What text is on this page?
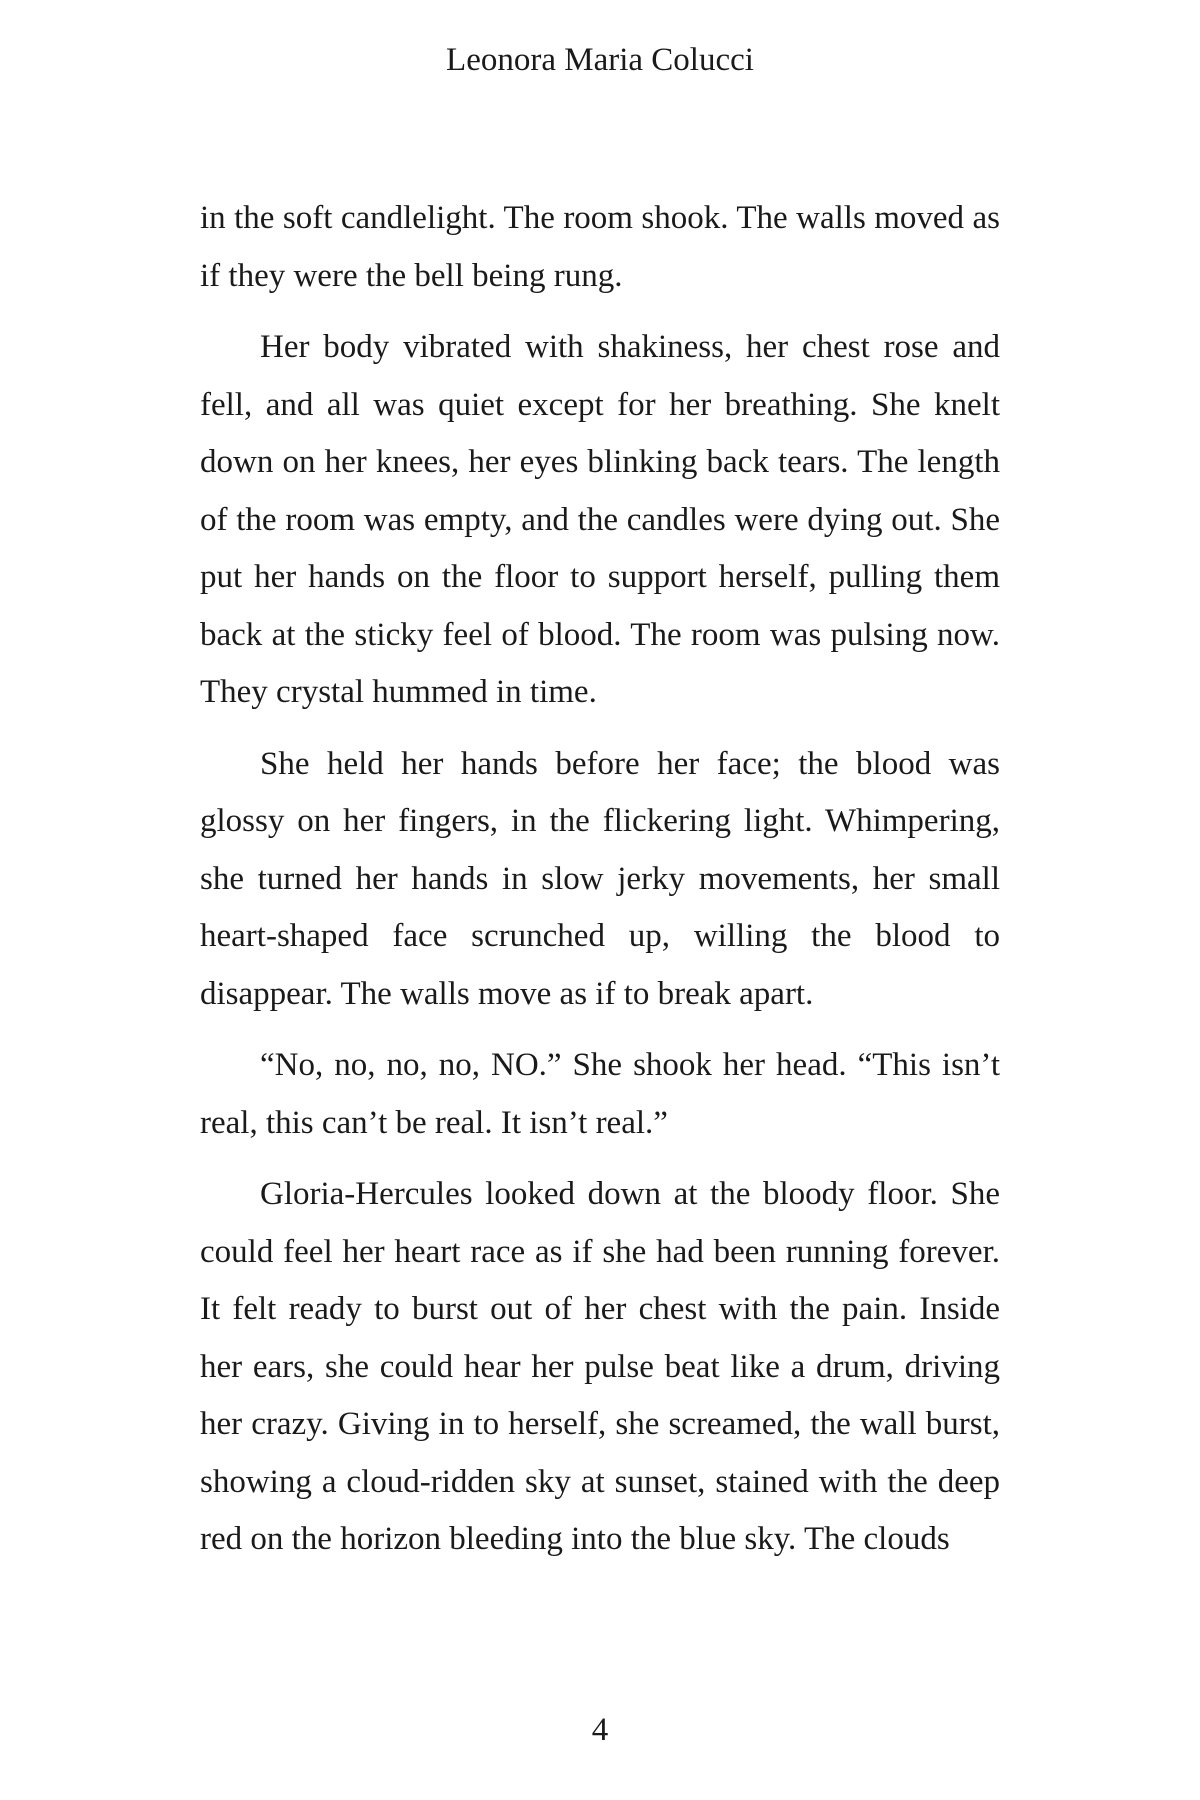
Leonora Maria Colucci

in the soft candlelight. The room shook. The walls moved as if they were the bell being rung.

Her body vibrated with shakiness, her chest rose and fell, and all was quiet except for her breathing. She knelt down on her knees, her eyes blinking back tears. The length of the room was empty, and the candles were dying out. She put her hands on the floor to support herself, pulling them back at the sticky feel of blood. The room was pulsing now. They crystal hummed in time.

She held her hands before her face; the blood was glossy on her fingers, in the flickering light. Whimpering, she turned her hands in slow jerky movements, her small heart-shaped face scrunched up, willing the blood to disappear. The walls move as if to break apart.

“No, no, no, no, NO.” She shook her head. “This isn’t real, this can’t be real. It isn’t real.”

Gloria-Hercules looked down at the bloody floor. She could feel her heart race as if she had been running forever. It felt ready to burst out of her chest with the pain. Inside her ears, she could hear her pulse beat like a drum, driving her crazy. Giving in to herself, she screamed, the wall burst, showing a cloud-ridden sky at sunset, stained with the deep red on the horizon bleeding into the blue sky. The clouds

4
